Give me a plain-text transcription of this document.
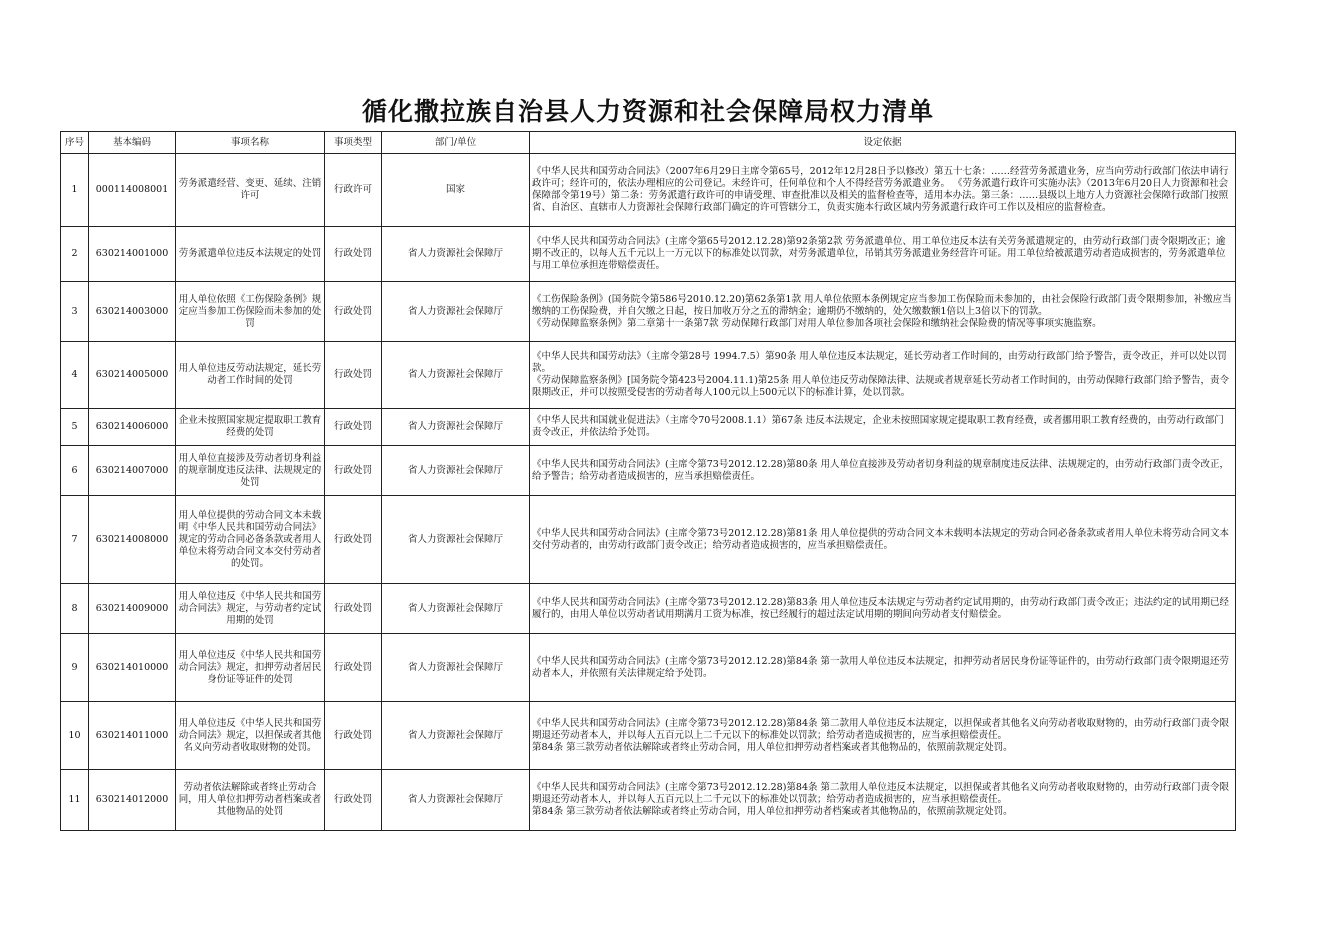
循化撒拉族自治县人力资源和社会保障局权力清单
序号	基本编码	事项名称	事项类型	部门/单位	设定依据
1	000114008001	劳务派遣经营、变更、延续、注销许可	行政许可	国家	《中华人民共和国劳动合同法》（2007年6月29日主席令第65号，2012年12月28日予以修改）第五十七条：……经营劳务派遣业务，应当向劳动行政部门依法申请行政许可；经许可的，依法办理相应的公司登记。未经许可，任何单位和个人不得经营劳务派遣业务。 《劳务派遣行政许可实施办法》（2013年6月20日人力资源和社会保障部令第19号）第二条：劳务派遣行政许可的申请受理、审查批准以及相关的监督检查等，适用本办法。第三条：……县级以上地方人力资源社会保障行政部门按照省、自治区、直辖市人力资源社会保障行政部门确定的许可管辖分工，负责实施本行政区域内劳务派遣行政许可工作以及相应的监督检查。
2	630214001000	劳务派遣单位违反本法规定的处罚	行政处罚	省人力资源社会保障厅	《中华人民共和国劳动合同法》(主席令第65号2012.12.28)第92条第2款 劳务派遣单位、用工单位违反本法有关劳务派遣规定的，由劳动行政部门责令限期改正；逾期不改正的，以每人五千元以上一万元以下的标准处以罚款，对劳务派遣单位，吊销其劳务派遣业务经营许可证。用工单位给被派遣劳动者造成损害的，劳务派遣单位与用工单位承担连带赔偿责任。
3	630214003000	用人单位依照《工伤保险条例》规定应当参加工伤保险而未参加的处罚	行政处罚	省人力资源社会保障厅	《工伤保险条例》(国务院令第586号2010.12.20)第62条第1款 用人单位依照本条例规定应当参加工伤保险而未参加的，由社会保险行政部门责令限期参加，补缴应当缴纳的工伤保险费，并自欠缴之日起，按日加收万分之五的滞纳金；逾期仍不缴纳的，处欠缴数额1倍以上3倍以下的罚款。
《劳动保障监察条例》第二章第十一条第7款 劳动保障行政部门对用人单位参加各项社会保险和缴纳社会保险费的情况等事项实施监察。
4	630214005000	用人单位违反劳动法规定，延长劳动者工作时间的处罚	行政处罚	省人力资源社会保障厅	《中华人民共和国劳动法》（主席令第28号 1994.7.5）第90条 用人单位违反本法规定，延长劳动者工作时间的，由劳动行政部门给予警告，责令改正，并可以处以罚款。
《劳动保障监察条例》[国务院令第423号2004.11.1)第25条 用人单位违反劳动保障法律、法规或者规章延长劳动者工作时间的，由劳动保障行政部门给予警告，责令限期改正，并可以按照受侵害的劳动者每人100元以上500元以下的标准计算，处以罚款。
5	630214006000	企业未按照国家规定提取职工教育经费的处罚	行政处罚	省人力资源社会保障厅	《中华人民共和国就业促进法》（主席令70号2008.1.1）第67条 违反本法规定，企业未按照国家规定提取职工教育经费，或者挪用职工教育经费的，由劳动行政部门责令改正，并依法给予处罚。
6	630214007000	用人单位直接涉及劳动者切身利益的规章制度违反法律、法规规定的处罚	行政处罚	省人力资源社会保障厅	《中华人民共和国劳动合同法》(主席令第73号2012.12.28)第80条 用人单位直接涉及劳动者切身利益的规章制度违反法律、法规规定的，由劳动行政部门责令改正，给予警告；给劳动者造成损害的，应当承担赔偿责任。
7	630214008000	用人单位提供的劳动合同文本未载明《中华人民共和国劳动合同法》规定的劳动合同必备条款或者用人单位未将劳动合同文本交付劳动者的处罚。	行政处罚	省人力资源社会保障厅	《中华人民共和国劳动合同法》(主席令第73号2012.12.28)第81条 用人单位提供的劳动合同文本未载明本法规定的劳动合同必备条款或者用人单位未将劳动合同文本交付劳动者的，由劳动行政部门责令改正；给劳动者造成损害的，应当承担赔偿责任。
8	630214009000	用人单位违反《中华人民共和国劳动合同法》规定，与劳动者约定试用期的处罚	行政处罚	省人力资源社会保障厅	《中华人民共和国劳动合同法》(主席令第73号2012.12.28)第83条 用人单位违反本法规定与劳动者约定试用期的，由劳动行政部门责令改正；违法约定的试用期已经履行的，由用人单位以劳动者试用期满月工资为标准，按已经履行的超过法定试用期的期间向劳动者支付赔偿金。
9	630214010000	用人单位违反《中华人民共和国劳动合同法》规定，扣押劳动者居民身份证等证件的处罚	行政处罚	省人力资源社会保障厅	《中华人民共和国劳动合同法》(主席令第73号2012.12.28)第84条 第一款用人单位违反本法规定，扣押劳动者居民身份证等证件的，由劳动行政部门责令限期退还劳动者本人，并依照有关法律规定给予处罚。
10	630214011000	用人单位违反《中华人民共和国劳动合同法》规定，以担保或者其他名义向劳动者收取财物的处罚。	行政处罚	省人力资源社会保障厅	《中华人民共和国劳动合同法》(主席令第73号2012.12.28)第84条 第二款用人单位违反本法规定，以担保或者其他名义向劳动者收取财物的，由劳动行政部门责令限期退还劳动者本人，并以每人五百元以上二千元以下的标准处以罚款；给劳动者造成损害的，应当承担赔偿责任。
第84条 第三款劳动者依法解除或者终止劳动合同，用人单位扣押劳动者档案或者其他物品的，依照前款规定处罚。
11	630214012000	劳动者依法解除或者终止劳动合同，用人单位扣押劳动者档案或者其他物品的处罚	行政处罚	省人力资源社会保障厅	《中华人民共和国劳动合同法》(主席令第73号2012.12.28)第84条 第二款用人单位违反本法规定，以担保或者其他名义向劳动者收取财物的，由劳动行政部门责令限期退还劳动者本人，并以每人五百元以上二千元以下的标准处以罚款；给劳动者造成损害的，应当承担赔偿责任。
第84条 第三款劳动者依法解除或者终止劳动合同，用人单位扣押劳动者档案或者其他物品的，依照前款规定处罚。
